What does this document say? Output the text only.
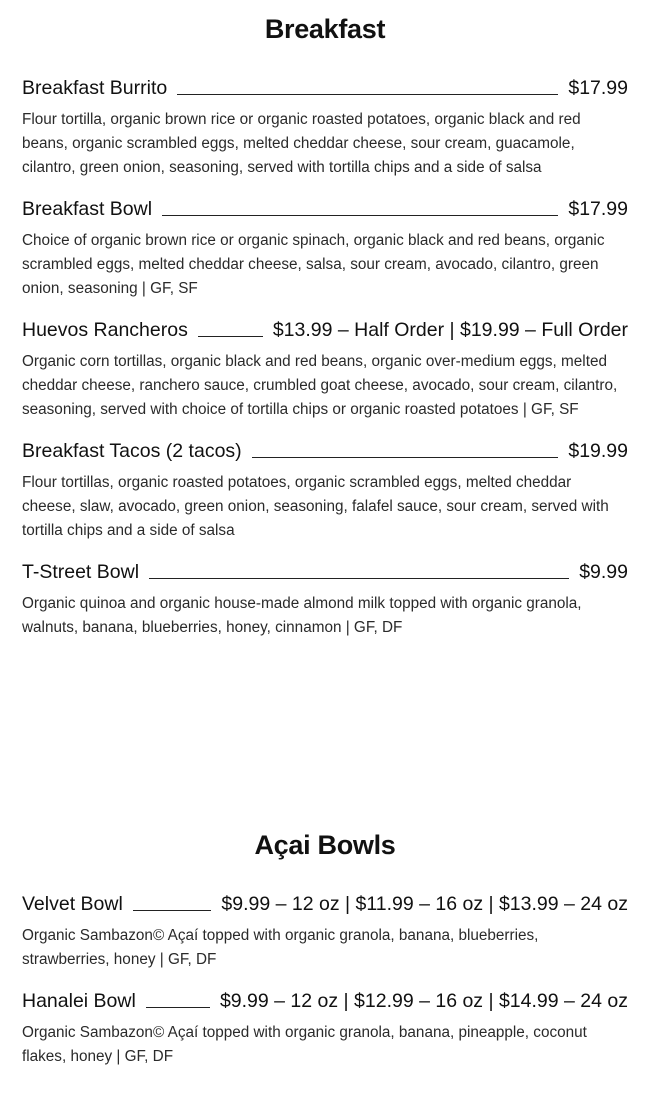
Breakfast
Breakfast Burrito	$17.99
Flour tortilla, organic brown rice or organic roasted potatoes, organic black and red beans, organic scrambled eggs, melted cheddar cheese, sour cream, guacamole, cilantro, green onion, seasoning, served with tortilla chips and a side of salsa
Breakfast Bowl	$17.99
Choice of organic brown rice or organic spinach, organic black and red beans, organic scrambled eggs, melted cheddar cheese, salsa, sour cream, avocado, cilantro, green onion, seasoning | GF, SF
Huevos Rancheros	$13.99 – Half Order | $19.99 – Full Order
Organic corn tortillas, organic black and red beans, organic over-medium eggs, melted cheddar cheese, ranchero sauce, crumbled goat cheese, avocado, sour cream, cilantro, seasoning, served with choice of tortilla chips or organic roasted potatoes | GF, SF
Breakfast Tacos (2 tacos)	$19.99
Flour tortillas, organic roasted potatoes, organic scrambled eggs, melted cheddar cheese, slaw, avocado, green onion, seasoning, falafel sauce, sour cream, served with tortilla chips and a side of salsa
T-Street Bowl	$9.99
Organic quinoa and organic house-made almond milk topped with organic granola, walnuts, banana, blueberries, honey, cinnamon | GF, DF
Açai Bowls
Velvet Bowl	$9.99 – 12 oz | $11.99 – 16 oz | $13.99 – 24 oz
Organic Sambazon© Açaí topped with organic granola, banana, blueberries, strawberries, honey | GF, DF
Hanalei Bowl	$9.99 – 12 oz | $12.99 – 16 oz | $14.99 – 24 oz
Organic Sambazon© Açaí topped with organic granola, banana, pineapple, coconut flakes, honey | GF, DF
